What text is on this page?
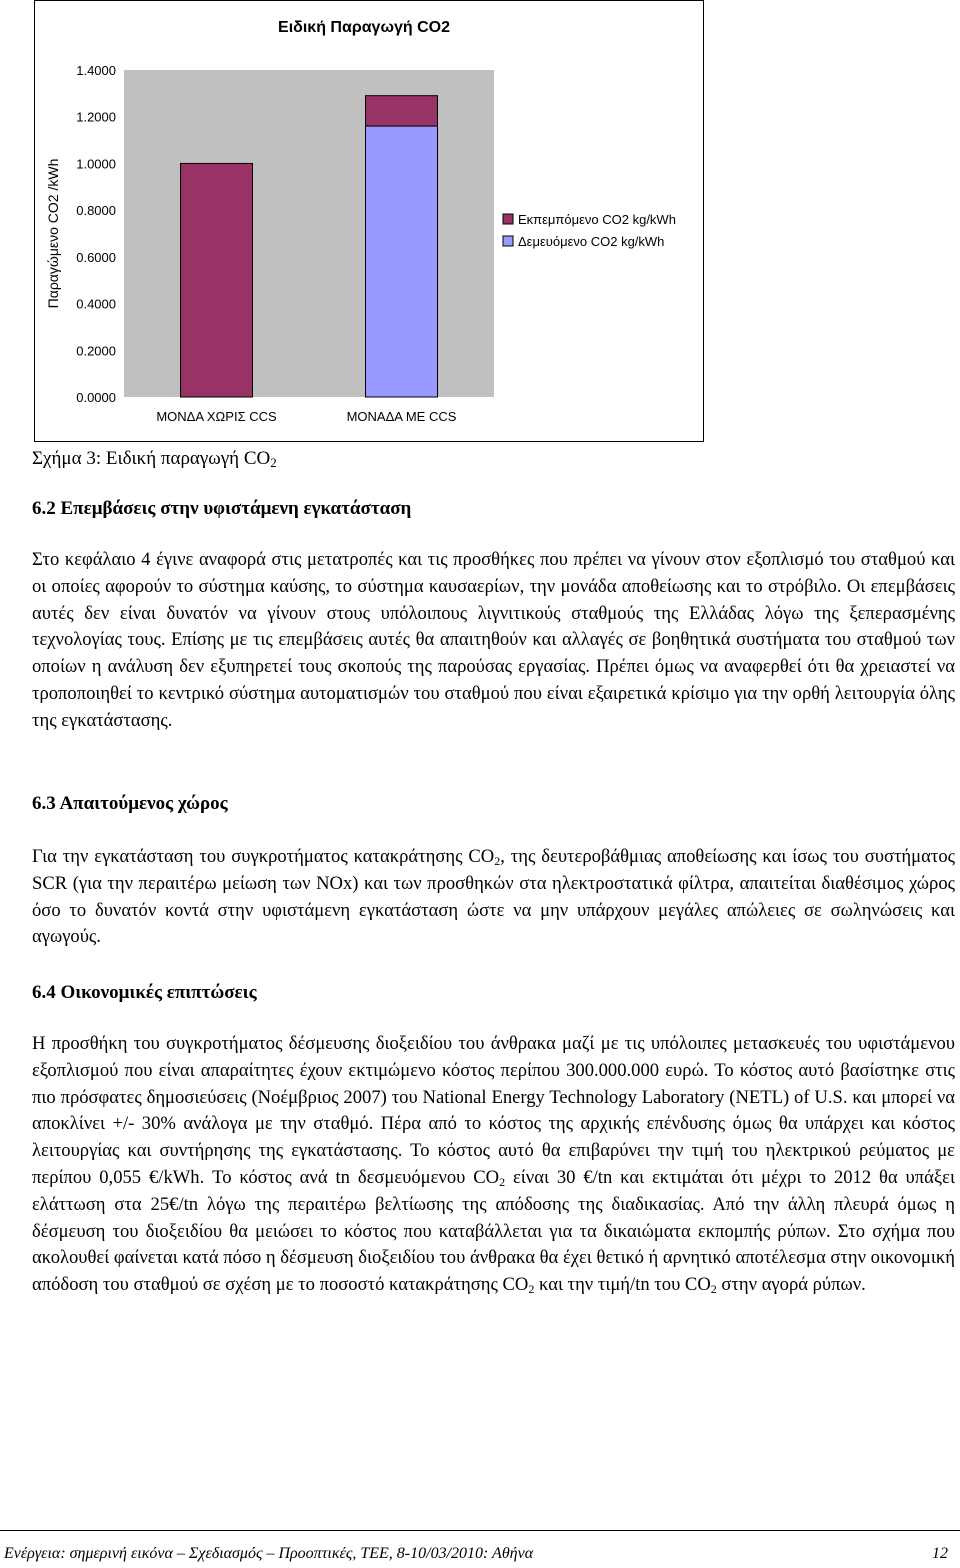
Ειδική Παραγωγή CO2
Παραγώμενο CO2 /kWh
0.0000
0.2000
0.4000
0.6000
0.8000
1.0000
1.2000
1.4000
ΜΟΝΔΑ ΧΩΡΙΣ CCS	ΜΟΝΑΔΑ ΜΕ CCS
Εκπεμπόμενο CO2 kg/kWh
Δεμευόμενο CO2 kg/kWh
Σχήμα 3: Ειδική παραγωγή $CO_2$
6.2 Επεμβάσεις στην υφιστάμενη εγκατάσταση
Στο κεφάλαιο 4 έγινε αναφορά στις μετατροπές και τις προσθήκες που πρέπει να γίνουν στον εξοπλισμό του σταθμού και οι οποίες αφορούν το σύστημα καύσης, το σύστημα καυσαερίων, την μονάδα αποθείωσης και το στρόβιλο. Οι επεμβάσεις αυτές δεν είναι δυνατόν να γίνουν στους υπόλοιπους λιγνιτικούς σταθμούς της Ελλάδας λόγω της ξεπερασμένης τεχνολογίας τους. Επίσης με τις επεμβάσεις αυτές θα απαιτηθούν και αλλαγές σε βοηθητικά συστήματα του σταθμού των οποίων η ανάλυση δεν εξυπηρετεί τους σκοπούς της παρούσας εργασίας. Πρέπει όμως να αναφερθεί ότι θα χρειαστεί να τροποποιηθεί το κεντρικό σύστημα αυτοματισμών του σταθμού που είναι εξαιρετικά κρίσιμο για την ορθή λειτουργία όλης της εγκατάστασης.
6.3 Απαιτούμενος χώρος
Για την εγκατάσταση του συγκροτήματος κατακράτησης $CO_2$, της δευτεροβάθμιας αποθείωσης και ίσως του συστήματος SCR (για την περαιτέρω μείωση των NOx) και των προσθηκών στα ηλεκτροστατικά φίλτρα, απαιτείται διαθέσιμος χώρος όσο το δυνατόν κοντά στην υφιστάμενη εγκατάσταση ώστε να μην υπάρχουν μεγάλες απώλειες σε σωληνώσεις και αγωγούς.
6.4 Οικονομικές επιπτώσεις
Η προσθήκη του συγκροτήματος δέσμευσης διοξειδίου του άνθρακα μαζί με τις υπόλοιπες μετασκευές του υφιστάμενου εξοπλισμού που είναι απαραίτητες έχουν εκτιμώμενο κόστος περίπου 300.000.000 ευρώ. Το κόστος αυτό βασίστηκε στις πιο πρόσφατες δημοσιεύσεις (Νοέμβριος 2007) του National Energy Technology Laboratory (NETL) of U.S. και μπορεί να αποκλίνει +/- 30% ανάλογα με την σταθμό. Πέρα από το κόστος της αρχικής επένδυσης όμως θα υπάρχει και κόστος λειτουργίας και συντήρησης της εγκατάστασης. Το κόστος αυτό θα επιβαρύνει την τιμή του ηλεκτρικού ρεύματος με περίπου 0,055 €/kWh. Το κόστος ανά tn δεσμευόμενου $CO_2$ είναι 30 €/tn και εκτιμάται ότι μέχρι το 2012 θα υπάξει ελάττωση στα 25€/tn λόγω της περαιτέρω βελτίωσης της απόδοσης της διαδικασίας. Από την άλλη πλευρά όμως η δέσμευση του διοξειδίου θα μειώσει το κόστος που καταβάλλεται για τα δικαιώματα εκπομπής ρύπων. Στο σχήμα που ακολουθεί φαίνεται κατά πόσο η δέσμευση διοξειδίου του άνθρακα θα έχει θετικό ή αρνητικό αποτέλεσμα στην οικονομική απόδοση του σταθμού σε σχέση με το ποσοστό κατακράτησης $CO_2$ και την τιμή/tn του $CO_2$ στην αγορά ρύπων.
Ενέργεια: σημερινή εικόνα – Σχεδιασμός – Προοπτικές, ΤΕΕ, 8-10/03/2010: Αθήνα	12
